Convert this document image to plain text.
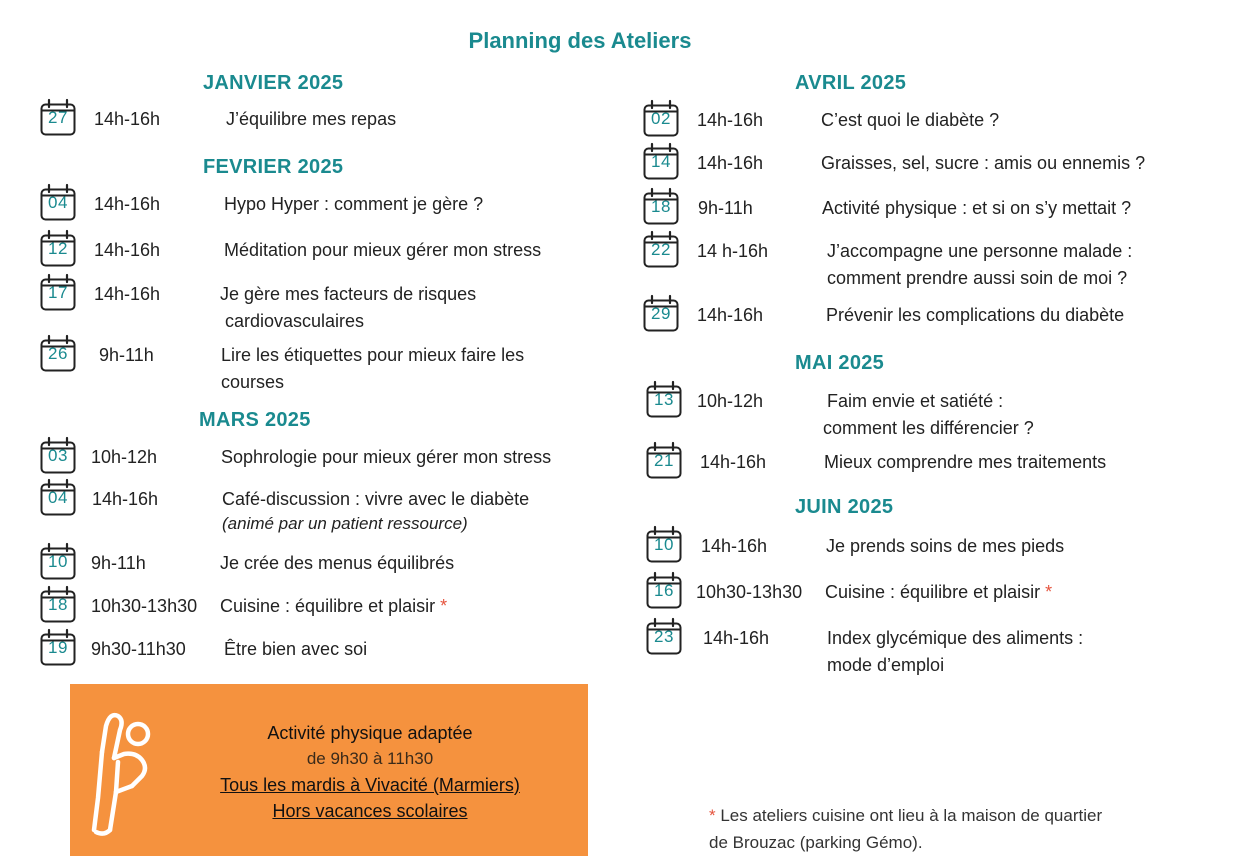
Planning des Ateliers
JANVIER 2025
FEVRIER 2025
MARS 2025
AVRIL 2025
MAI 2025
JUIN 2025
27	14h-16h	J’équilibre mes repas
04	14h-16h	Hypo Hyper : comment je gère ?
12	14h-16h	Méditation pour mieux gérer mon stress
17	14h-16h	Je gère mes facteurs de risques
cardiovasculaires
26	9h-11h	Lire les étiquettes pour mieux faire les
courses
03	10h-12h	Sophrologie pour mieux gérer mon stress
04	14h-16h	Café-discussion : vivre avec le diabète
(animé par un patient ressource)
10	9h-11h	Je crée des menus équilibrés
18	10h30-13h30 Cuisine : équilibre et plaisir *
19	9h30-11h30 Être bien avec soi
02	14h-16h	C’est quoi le diabète ?
14	14h-16h	Graisses, sel, sucre : amis ou ennemis ?
18	9h-11h	Activité physique : et si on s’y mettait ?
22	14 h-16h	J’accompagne une personne malade :
comment prendre aussi soin de moi ?
29	14h-16h	Prévenir les complications du diabète
13	10h-12h	Faim envie et satiété :
comment les différencier ?
21	14h-16h	Mieux comprendre mes traitements
10	14h-16h	Je prends soins de mes pieds
16	10h30-13h30 Cuisine : équilibre et plaisir *
23	14h-16h	Index glycémique des aliments :
mode d’emploi
Activité physique adaptée
de 9h30 à 11h30
Tous les mardis à Vivacité (Marmiers)
Hors vacances scolaires	* Les ateliers cuisine ont lieu à la maison de quartier
de Brouzac (parking Gémo).
